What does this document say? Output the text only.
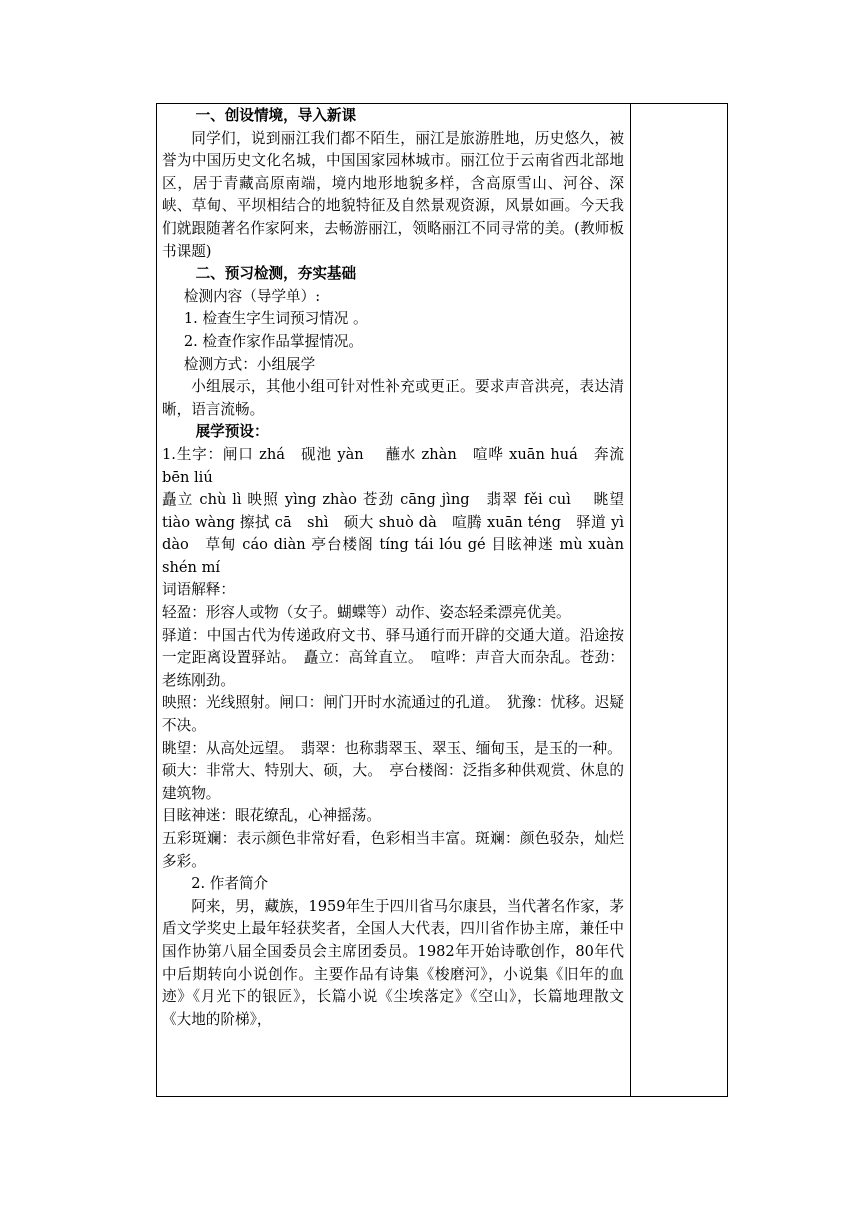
一、创设情境，导入新课

同学们，说到丽江我们都不陌生，丽江是旅游胜地，历史悠久，被誉为中国历史文化名城，中国国家园林城市。丽江位于云南省西北部地区，居于青藏高原南端，境内地形地貌多样，含高原雪山、河谷、深峡、草甸、平坝相结合的地貌特征及自然景观资源，风景如画。今天我们就跟随著名作家阿来，去畅游丽江，领略丽江不同寻常的美。(教师板书课题)

二、预习检测，夯实基础

检测内容（导学单）:

1. 检查生字生词预习情况 。

2. 检查作家作品掌握情况。

检测方式：小组展学

小组展示，其他小组可针对性补充或更正。要求声音洪亮，表达清晰，语言流畅。

展学预设：

1.生字：闸口 zhá　砚池 yàn　 蘸水 zhàn　喧哗 xuān huá　奔流 bēn liú

矗立 chù lì 映照 yìng zhào 苍劲 cāng jìng　翡翠 fěi cuì　 眺望 tiào wàng 擦拭 cā　shì　硕大 shuò dà　喧腾 xuān téng　驿道 yì dào　草甸 cáo diàn 亭台楼阁 tíng tái lóu gé 目眩神迷 mù xuàn shén mí

词语解释：

轻盈：形容人或物（女子。蝴蝶等）动作、姿态轻柔漂亮优美。

驿道：中国古代为传递政府文书、驿马通行而开辟的交通大道。沿途按一定距离设置驿站。　矗立：高耸直立。　喧哗：声音大而杂乱。苍劲：老练刚劲。

映照：光线照射。闸口：闸门开时水流通过的孔道。　犹豫：忧移。迟疑不决。

眺望：从高处远望。　翡翠：也称翡翠玉、翠玉、缅甸玉，是玉的一种。

硕大：非常大、特别大、硕，大。　亭台楼阁：泛指多种供观赏、休息的建筑物。

目眩神迷：眼花缭乱，心神摇荡。

五彩斑斓：表示颜色非常好看，色彩相当丰富。斑斓：颜色驳杂，灿烂多彩。

2. 作者简介

阿来，男，藏族，1959年生于四川省马尔康县，当代著名作家，茅盾文学奖史上最年轻获奖者，全国人大代表，四川省作协主席，兼任中国作协第八届全国委员会主席团委员。1982年开始诗歌创作，80年代中后期转向小说创作。主要作品有诗集《梭磨河》，小说集《旧年的血迹》《月光下的银匠》，长篇小说《尘埃落定》《空山》，长篇地理散文《大地的阶梯》，
